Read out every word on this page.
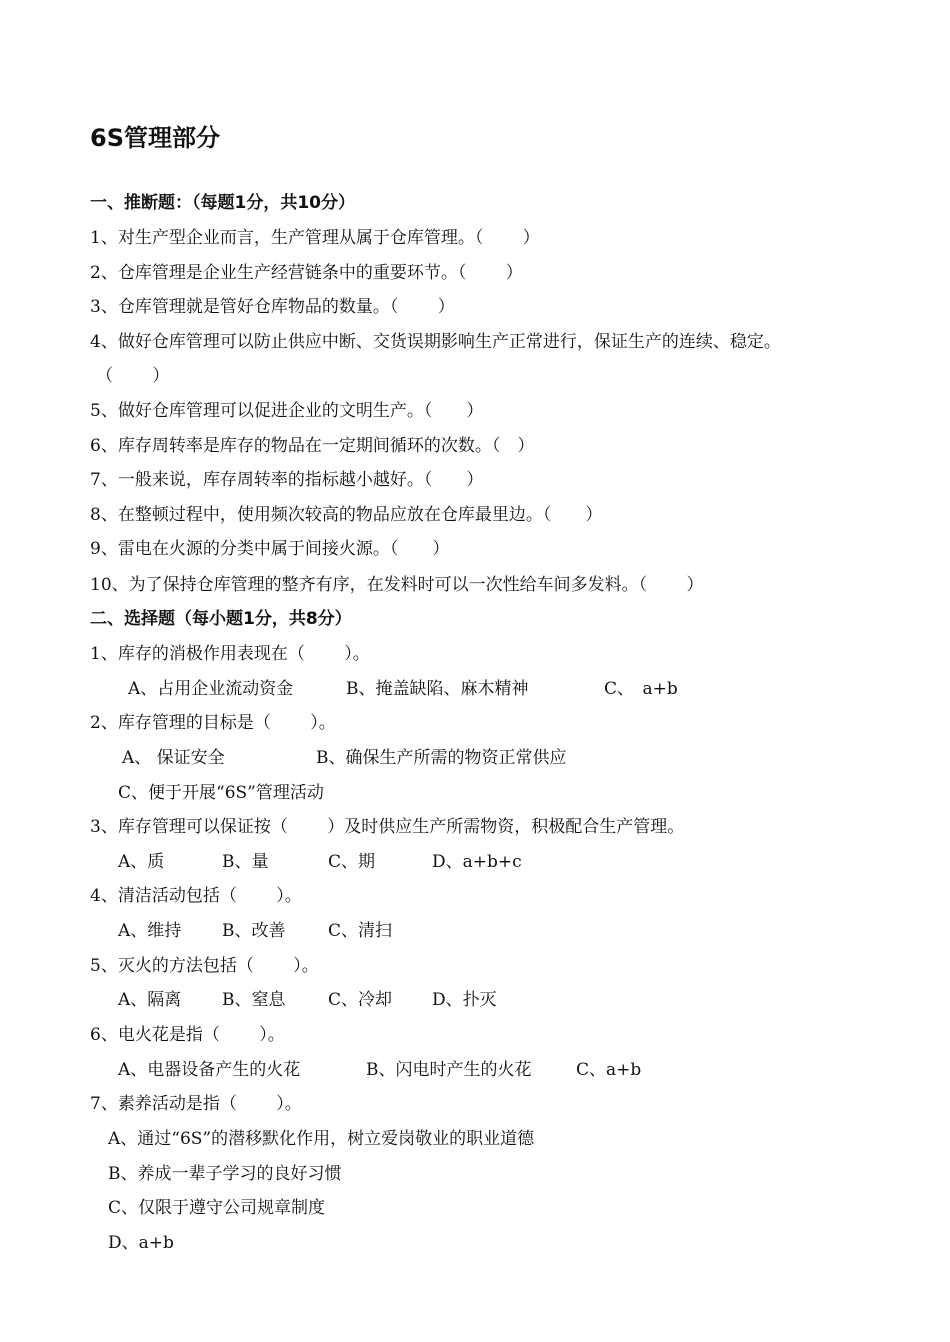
6S管理部分
一、推断题：（每题1分，共10分）
1、对生产型企业而言，生产管理从属于仓库管理。（　　 ）
2、仓库管理是企业生产经营链条中的重要环节。（　　 ）
3、仓库管理就是管好仓库物品的数量。（　　 ）
4、做好仓库管理可以防止供应中断、交货误期影响生产正常进行，保证生产的连续、稳定。
（　　 ）
5、做好仓库管理可以促进企业的文明生产。（　　）
6、库存周转率是库存的物品在一定期间循环的次数。（　）
7、一般来说，库存周转率的指标越小越好。（　　）
8、在整顿过程中，使用频次较高的物品应放在仓库最里边。（　　）
9、雷电在火源的分类中属于间接火源。（　　）
10、为了保持仓库管理的整齐有序，在发料时可以一次性给车间多发料。（　　 ）
二、选择题（每小题1分，共8分）
1、库存的消极作用表现在（　　 ）。
A、占用企业流动资金	B、掩盖缺陷、麻木精神	C、　a+b
2、库存管理的目标是（　　 ）。
A、 保证安全	B、确保生产所需的物资正常供应
C、便于开展“6S”管理活动
3、库存管理可以保证按（　　 ）及时供应生产所需物资，积极配合生产管理。
A、质	B、量	C、期	D、a+b+c
4、清洁活动包括（　　 ）。
A、维持 B、改善	C、清扫
5、灭火的方法包括（　　 ）。
A、隔离 B、窒息	C、冷却 D、扑灭
6、电火花是指（　　 ）。
A、电器设备产生的火花	B、闪电时产生的火花	C、a+b
7、素养活动是指（　　 ）。
A、通过“6S”的潜移默化作用，树立爱岗敬业的职业道德
B、养成一辈子学习的良好习惯
C、仅限于遵守公司规章制度
D、a+b
